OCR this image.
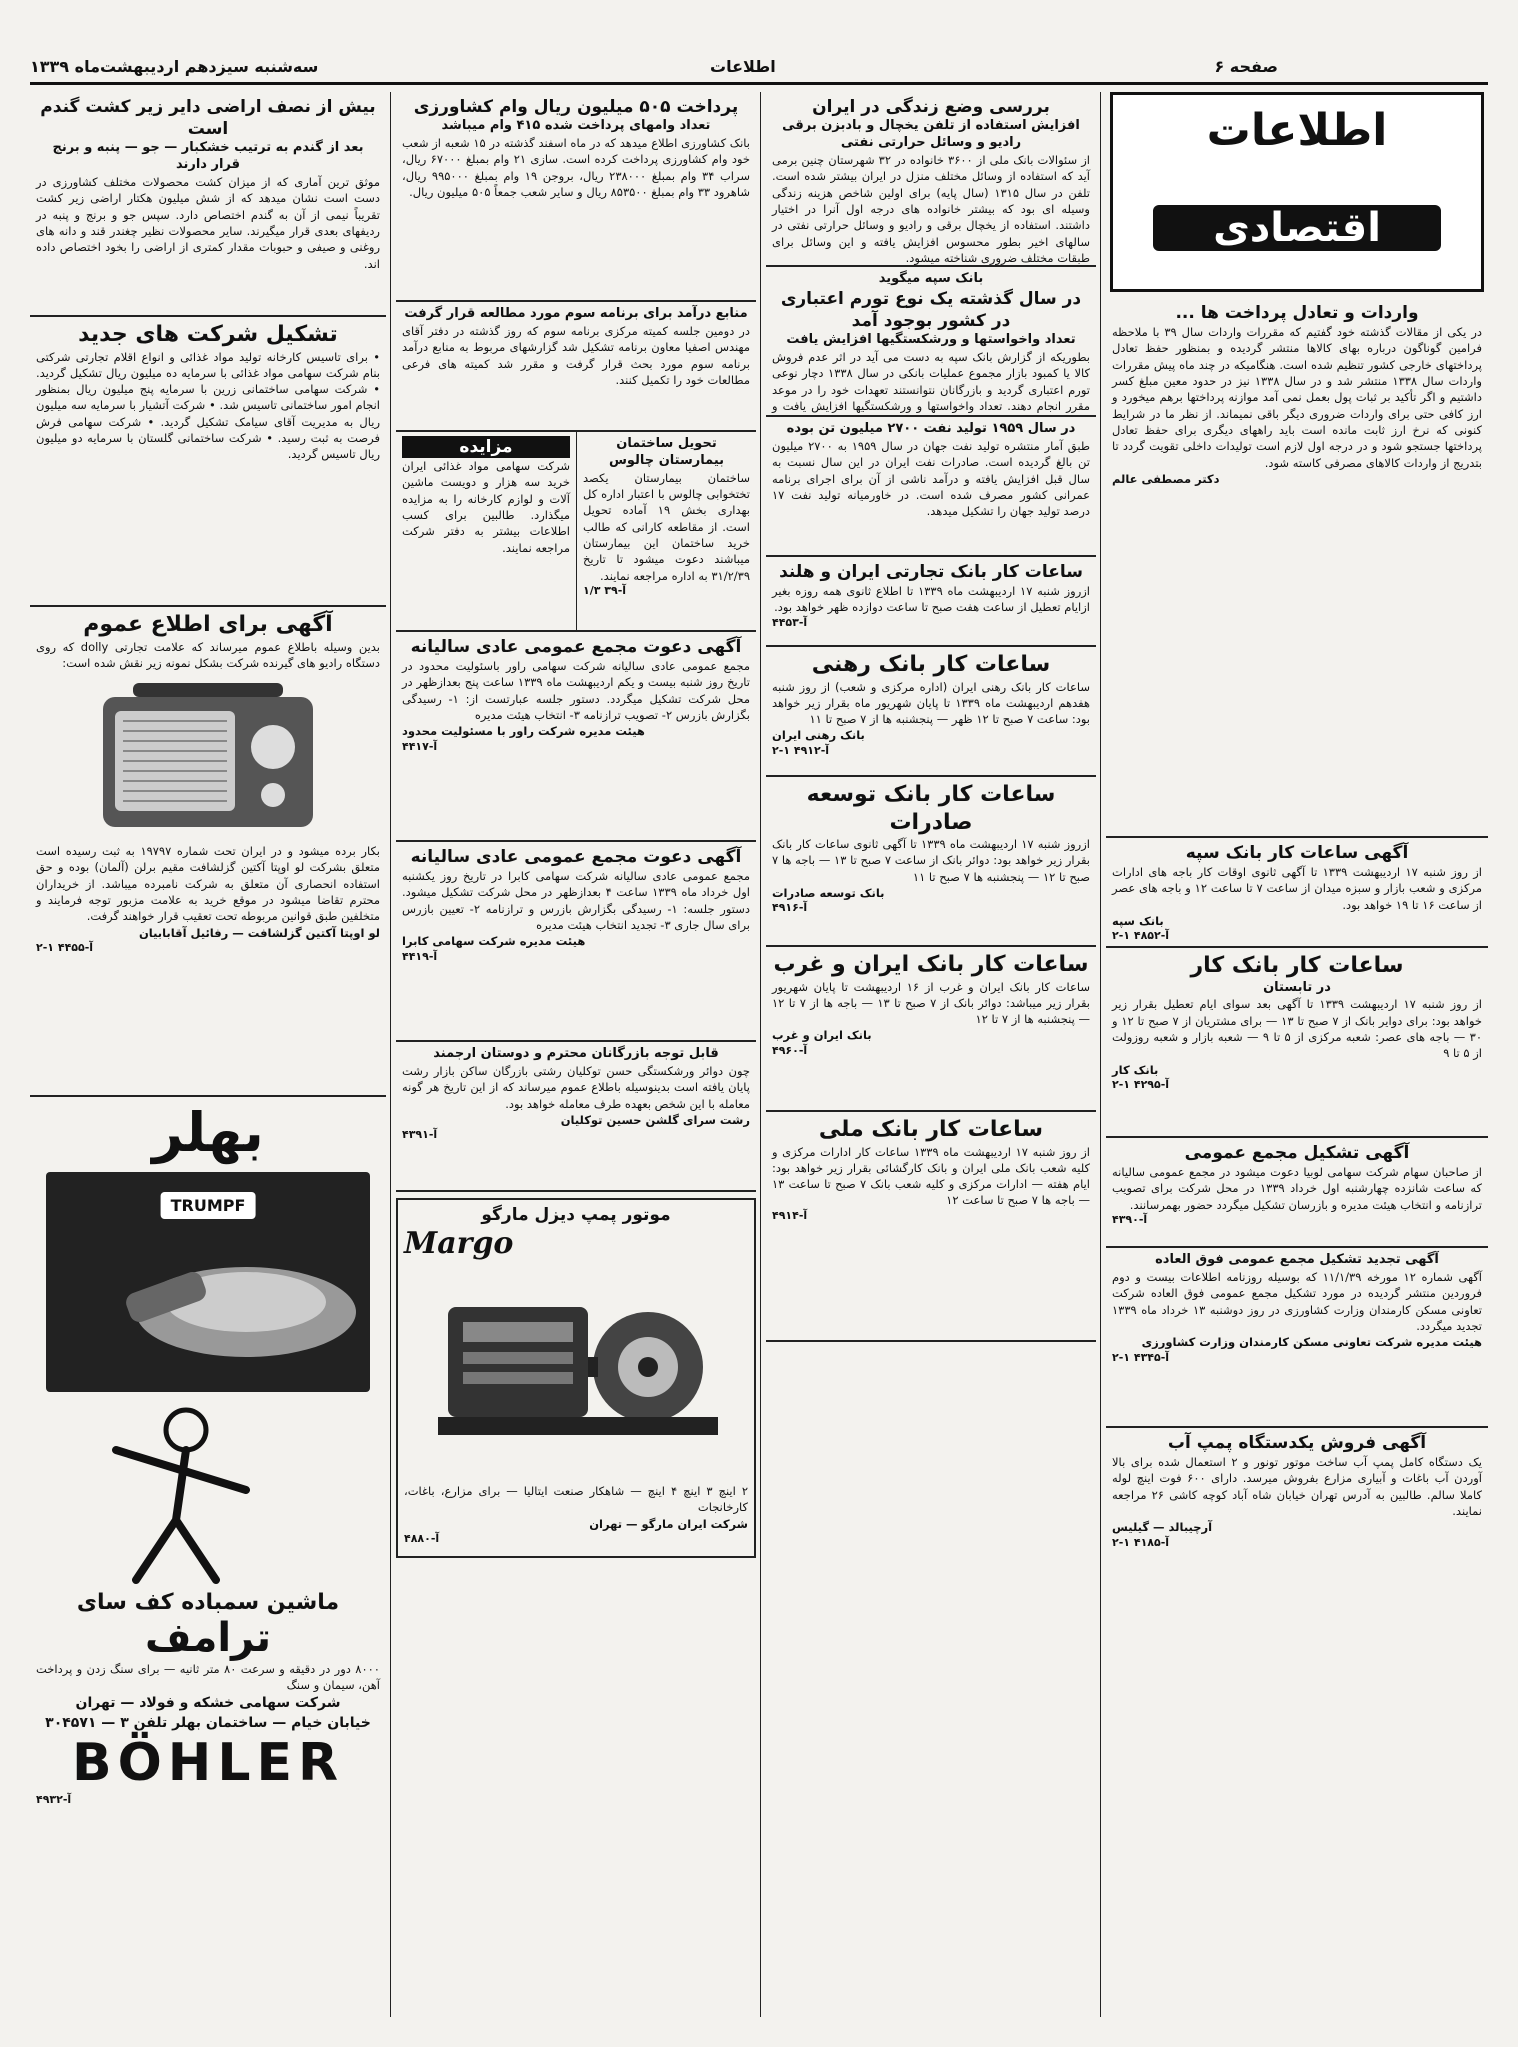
سه‌شنبه سیزدهم اردیبهشت‌ماه ۱۳۳۹	اطلاعات	صفحه ۶
اطلاعات
اقتصادی
واردات و تعادل پرداخت ها ...

در یکی از مقالات گذشته خود گفتیم که مقررات واردات سال ۳۹ با ملاحظه فرامین گوناگون درباره بهای کالاها منتشر گردیده و بمنظور حفظ تعادل پرداختهای خارجی کشور تنظیم شده است. هنگامیکه در چند ماه پیش مقررات واردات سال ۱۳۳۸ منتشر شد و در سال ۱۳۳۸ نیز در حدود معین مبلغ کسر داشتیم و اگر تأکید بر ثبات پول بعمل نمی آمد موازنه پرداختها برهم میخورد و ارز کافی حتی برای واردات ضروری دیگر باقی نمیماند. از نظر ما در شرایط کنونی که نرخ ارز ثابت مانده است باید راههای دیگری برای حفظ تعادل پرداختها جستجو شود و در درجه اول لازم است تولیدات داخلی تقویت گردد تا بتدریج از واردات کالاهای مصرفی کاسته شود.

دکتر مصطفی عالم

آگهی ساعات کار بانک سپه

از روز شنبه ۱۷ اردیبهشت ۱۳۳۹ تا آگهی ثانوی اوقات کار باجه های ادارات مرکزی و شعب بازار و سبزه میدان از ساعت ۷ تا ساعت ۱۲ و باجه های عصر از ساعت ۱۶ تا ۱۹ خواهد بود.

بانک سپه

آ-۴۸۵۲ ۱-۲
ساعات کار بانک کار
در تابستان

از روز شنبه ۱۷ اردیبهشت ۱۳۳۹ تا آگهی بعد سوای ایام تعطیل بقرار زیر خواهد بود: برای دوایر بانک از ۷ صبح تا ۱۳ — برای مشتریان از ۷ صبح تا ۱۲ و ۳۰ — باجه های عصر: شعبه مرکزی از ۵ تا ۹ — شعبه بازار و شعبه روزولت از ۵ تا ۹

بانک کار

آ-۴۲۹۵ ۱-۲
آگهی تشکیل مجمع عمومی

از صاحبان سهام شرکت سهامی لوبیا دعوت میشود در مجمع عمومی سالیانه که ساعت شانزده چهارشنبه اول خرداد ۱۳۳۹ در محل شرکت برای تصویب ترازنامه و انتخاب هیئت مدیره و بازرسان تشکیل میگردد حضور بهمرسانند.

آ-۴۳۹۰
آگهی تجدید تشکیل مجمع عمومی فوق العاده

آگهی شماره ۱۲ مورخه ۱۱/۱/۳۹ که بوسیله روزنامه اطلاعات بیست و دوم فروردین منتشر گردیده در مورد تشکیل مجمع عمومی فوق العاده شرکت تعاونی مسکن کارمندان وزارت کشاورزی در روز دوشنبه ۱۳ خرداد ماه ۱۳۳۹ تجدید میگردد.

هیئت مدیره شرکت تعاونی مسکن کارمندان وزارت کشاورزی

آ-۴۳۴۵ ۱-۲
آگهی فروش یکدستگاه پمپ آب

یک دستگاه کامل پمپ آب ساخت موتور تونور و ۲ استعمال شده برای بالا آوردن آب باغات و آبیاری مزارع بفروش میرسد. دارای ۶۰۰ فوت اینچ لوله کاملا سالم. طالبین به آدرس تهران خیابان شاه آباد کوچه کاشی ۲۶ مراجعه نمایند.

آرچیبالد — گیلیس

آ-۴۱۸۵ ۱-۲
بررسی وضع زندگی در ایران
افزایش استفاده از تلفن یخچال و بادبزن برقی رادیو و وسائل حرارتی نفتی

از سئوالات بانک ملی از ۳۶۰۰ خانواده در ۳۲ شهرستان چنین برمی آید که استفاده از وسائل مختلف منزل در ایران بیشتر شده است. تلفن در سال ۱۳۱۵ (سال پایه) برای اولین شاخص هزینه زندگی وسیله ای بود که بیشتر خانواده های درجه اول آنرا در اختیار داشتند. استفاده از یخچال برقی و رادیو و وسائل حرارتی نفتی در سالهای اخیر بطور محسوس افزایش یافته و این وسائل برای طبقات مختلف ضروری شناخته میشود.

بانک سپه میگوید
در سال گذشته یک نوع تورم اعتباری در کشور بوجود آمد
تعداد واخواستها و ورشکستگیها افزایش یافت

بطوریکه از گزارش بانک سپه به دست می آید در اثر عدم فروش کالا یا کمبود بازار مجموع عملیات بانکی در سال ۱۳۳۸ دچار نوعی تورم اعتباری گردید و بازرگانان نتوانستند تعهدات خود را در موعد مقرر انجام دهند. تعداد واخواستها و ورشکستگیها افزایش یافت و

در سال ۱۹۵۹ تولید نفت ۲۷۰۰ میلیون تن بوده

طبق آمار منتشره تولید نفت جهان در سال ۱۹۵۹ به ۲۷۰۰ میلیون تن بالغ گردیده است. صادرات نفت ایران در این سال نسبت به سال قبل افزایش یافته و درآمد ناشی از آن برای اجرای برنامه عمرانی کشور مصرف شده است. در خاورمیانه تولید نفت ۱۷ درصد تولید جهان را تشکیل میدهد.

ساعات کار بانک تجارتی ایران و هلند

ازروز شنبه ۱۷ اردیبهشت ماه ۱۳۳۹ تا اطلاع ثانوی همه روزه بغیر ازایام تعطیل از ساعت هفت صبح تا ساعت دوازده ظهر خواهد بود.

آ-۴۴۵۳
ساعات کار بانک رهنی

ساعات کار بانک رهنی ایران (اداره مرکزی و شعب) از روز شنبه هفدهم اردیبهشت ماه ۱۳۳۹ تا پایان شهریور ماه بقرار زیر خواهد بود: ساعت ۷ صبح تا ۱۲ ظهر — پنجشنبه ها از ۷ صبح تا ۱۱

بانک رهنی ایران

آ-۴۹۱۲ ۱-۲
ساعات کار بانک توسعه صادرات

ازروز شنبه ۱۷ اردیبهشت ماه ۱۳۳۹ تا آگهی ثانوی ساعات کار بانک بقرار زیر خواهد بود: دوائر بانک از ساعت ۷ صبح تا ۱۳ — باجه ها ۷ صبح تا ۱۲ — پنجشنبه ها ۷ صبح تا ۱۱

بانک توسعه صادرات

آ-۴۹۱۶
ساعات کار بانک ایران و غرب

ساعات کار بانک ایران و غرب از ۱۶ اردیبهشت تا پایان شهریور بقرار زیر میباشد: دوائر بانک از ۷ صبح تا ۱۳ — باجه ها از ۷ تا ۱۲ — پنجشنبه ها از ۷ تا ۱۲

بانک ایران و غرب

آ-۴۹۶۰
ساعات کار بانک ملی

از روز شنبه ۱۷ اردیبهشت ماه ۱۳۳۹ ساعات کار ادارات مرکزی و کلیه شعب بانک ملی ایران و بانک کارگشائی بقرار زیر خواهد بود: ایام هفته — ادارات مرکزی و کلیه شعب بانک ۷ صبح تا ساعت ۱۳ — باجه ها ۷ صبح تا ساعت ۱۲

آ-۴۹۱۴
پرداخت ۵۰۵ میلیون ریال وام کشاورزی
تعداد وامهای پرداخت شده ۴۱۵ وام میباشد

بانک کشاورزی اطلاع میدهد که در ماه اسفند گذشته در ۱۵ شعبه از شعب خود وام کشاورزی پرداخت کرده است. سازی ۲۱ وام بمبلغ ۶۷۰۰۰ ریال، سراب ۳۴ وام بمبلغ ۲۳۸۰۰۰ ریال، بروجن ۱۹ وام بمبلغ ۹۹۵۰۰۰ ریال، شاهرود ۳۳ وام بمبلغ ۸۵۳۵۰۰ ریال و سایر شعب جمعاً ۵۰۵ میلیون ریال.

منابع درآمد برای برنامه سوم مورد مطالعه قرار گرفت

در دومین جلسه کمیته مرکزی برنامه سوم که روز گذشته در دفتر آقای مهندس اصفیا معاون برنامه تشکیل شد گزارشهای مربوط به منابع درآمد برنامه سوم مورد بحث قرار گرفت و مقرر شد کمیته های فرعی مطالعات خود را تکمیل کنند.

تحویل ساختمان بیمارستان چالوس

ساختمان بیمارستان یکصد تختخوابی چالوس با اعتبار اداره کل بهداری بخش ۱۹ آماده تحویل است. از مقاطعه کارانی که طالب خرید ساختمان این بیمارستان میباشند دعوت میشود تا تاریخ ۳۱/۲/۳۹ به اداره مراجعه نمایند.

آ-۳۹ ۱/۳
مزایده

شرکت سهامی مواد غذائی ایران خرید سه هزار و دویست ماشین آلات و لوازم کارخانه را به مزایده میگذارد. طالبین برای کسب اطلاعات بیشتر به دفتر شرکت مراجعه نمایند.

آگهی دعوت مجمع عمومی عادی سالیانه

مجمع عمومی عادی سالیانه شرکت سهامی راور باسئولیت محدود در تاریخ روز شنبه بیست و یکم اردیبهشت ماه ۱۳۳۹ ساعت پنج بعدازظهر در محل شرکت تشکیل میگردد. دستور جلسه عبارتست از: ۱- رسیدگی بگزارش بازرس ۲- تصویب ترازنامه ۳- انتخاب هیئت مدیره

هیئت مدیره شرکت راور با مسئولیت محدود

آ-۴۴۱۷
آگهی دعوت مجمع عمومی عادی سالیانه

مجمع عمومی عادی سالیانه شرکت سهامی کابرا در تاریخ روز یکشنبه اول خرداد ماه ۱۳۳۹ ساعت ۴ بعدازظهر در محل شرکت تشکیل میشود. دستور جلسه: ۱- رسیدگی بگزارش بازرس و ترازنامه ۲- تعیین بازرس برای سال جاری ۳- تجدید انتخاب هیئت مدیره

هیئت مدیره شرکت سهامی کابرا

آ-۴۴۱۹
قابل توجه بازرگانان محترم و دوستان ارجمند

چون دوائر ورشکستگی حسن توکلیان رشتی بازرگان ساکن بازار رشت پایان یافته است بدینوسیله باطلاع عموم میرساند که از این تاریخ هر گونه معامله با این شخص بعهده طرف معامله خواهد بود.

رشت سرای گلشن حسین توکلیان

آ-۴۳۹۱
موتور پمپ دیزل مارگو
Margo

۲ اینچ ۳ اینچ ۴ اینچ — شاهکار صنعت ایتالیا — برای مزارع، باغات، کارخانجات

شرکت ایران مارگو — تهران

آ-۴۸۸۰
بیش از نصف اراضی دایر زیر کشت گندم است
بعد از گندم به ترتیب خشکبار — جو — پنبه و برنج قرار دارند

موثق ترین آماری که از میزان کشت محصولات مختلف کشاورزی در دست است نشان میدهد که از شش میلیون هکتار اراضی زیر کشت تقریباً نیمی از آن به گندم اختصاص دارد. سپس جو و برنج و پنبه در ردیفهای بعدی قرار میگیرند. سایر محصولات نظیر چغندر قند و دانه های روغنی و صیفی و حبوبات مقدار کمتری از اراضی را بخود اختصاص داده اند.

تشکیل شرکت های جدید

• برای تاسیس کارخانه تولید مواد غذائی و انواع اقلام تجارتی شرکتی بنام شرکت سهامی مواد غذائی با سرمایه ده میلیون ریال تشکیل گردید. • شرکت سهامی ساختمانی زرین با سرمایه پنج میلیون ریال بمنظور انجام امور ساختمانی تاسیس شد. • شرکت آتشیار با سرمایه سه میلیون ریال به مدیریت آقای سیامک تشکیل گردید. • شرکت سهامی فرش فرصت به ثبت رسید. • شرکت ساختمانی گلستان با سرمایه دو میلیون ریال تاسیس گردید.

آگهی برای اطلاع عموم

بدین وسیله باطلاع عموم میرساند که علامت تجارتی dolly که روی دستگاه رادیو های گیرنده شرکت بشکل نمونه زیر نقش شده است:

بکار برده میشود و در ایران تحت شماره ۱۹۷۹۷ به ثبت رسیده است متعلق بشرکت لو اوپتا آکتین گزلشافت مقیم برلن (آلمان) بوده و حق استفاده انحصاری آن متعلق به شرکت نامبرده میباشد. از خریداران محترم تقاضا میشود در موقع خرید به علامت مزبور توجه فرمایند و متخلفین طبق قوانین مربوطه تحت تعقیب قرار خواهند گرفت.

لو اوپتا آکتین گزلشافت — رفائیل آقابابیان

آ-۴۴۵۵ ۱-۲
بهلر
TRUMPF
ماشین سمباده کف سای
ترامف

۸۰۰۰ دور در دقیقه و سرعت ۸۰ متر ثانیه — برای سنگ زدن و پرداخت آهن، سیمان و سنگ

شرکت سهامی خشکه و فولاد — تهران

خیابان خیام — ساختمان بهلر تلفن ۳ — ۳۰۴۵۷۱

BÖHLER
آ-۴۹۳۲
